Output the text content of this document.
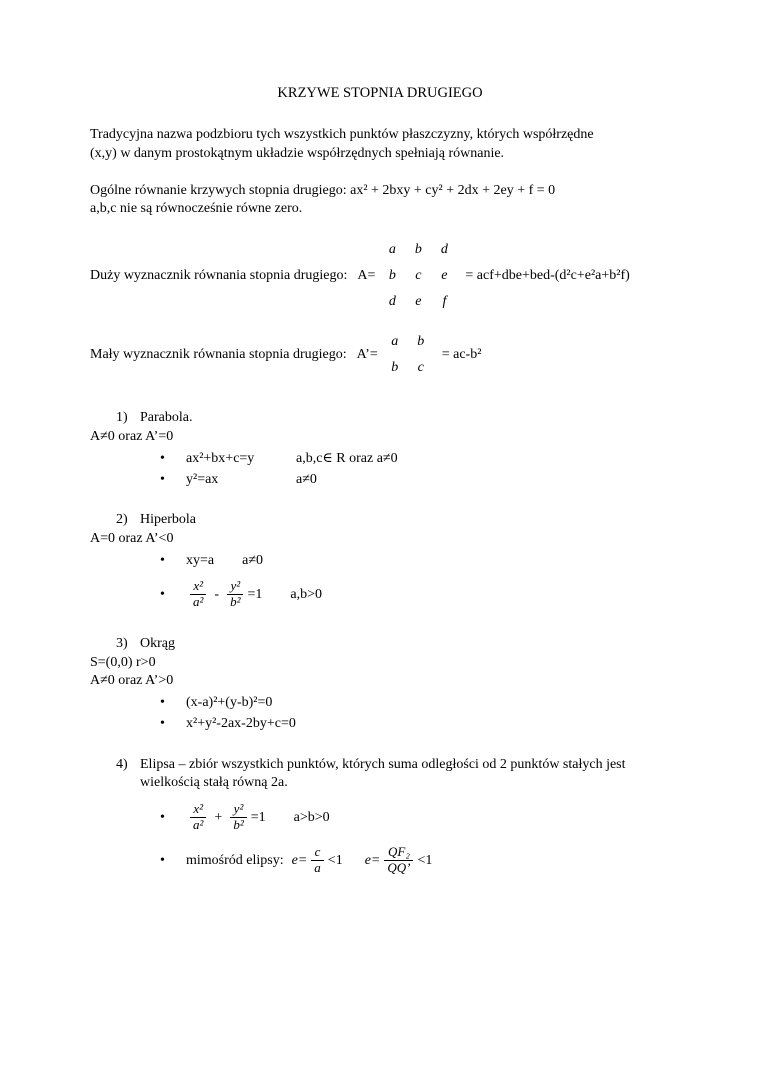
KRZYWE STOPNIA DRUGIEGO
Tradycyjna nazwa podzbioru tych wszystkich punktów płaszczyzny, których współrzędne
(x,y) w danym prostokątnym układzie współrzędnych spełniają równanie.
Ogólne równanie krzywych stopnia drugiego: ax² + 2bxy + cy² + 2dx + 2ey + f = 0
a,b,c nie są równocześnie równe zero.
Duży wyznacznik równania stopnia drugiego: A=
a	b	d
b	c	e
d	e	f
= acf+dbe+bed-(d²c+e²a+b²f)
Mały wyznacznik równania stopnia drugiego: A’=
a	b
b	c
= ac-b²
1) Parabola.
A≠0 oraz A’=0
•
ax²+bx+c=y	a,b,c∈ R oraz a≠0
•
y²=ax	a≠0
2) Hiperbola
A=0 oraz A’<0
•
xy=a a≠0
•
$\frac{\text{x²}}{\text{a²}} - \frac{\text{y²}}{\text{b²}} =1$ a,b>0
3) Okrąg
S=(0,0) r>0
A≠0 oraz A’>0
•
(x-a)²+(y-b)²=0
•
x²+y²-2ax-2by+c=0
4) Elipsa – zbiór wszystkich punktów, których suma odległości od 2 punktów stałych jest
wielkością stałą równą 2a.
•
$\frac{\text{x²}}{\text{a²}} + \frac{\text{y²}}{\text{b²}} =1$ a>b>0
•
mimośród elipsy: $e= \frac{c}{a} <1$ $e= \frac{\text{QF₂}}{QQ’} <1$
